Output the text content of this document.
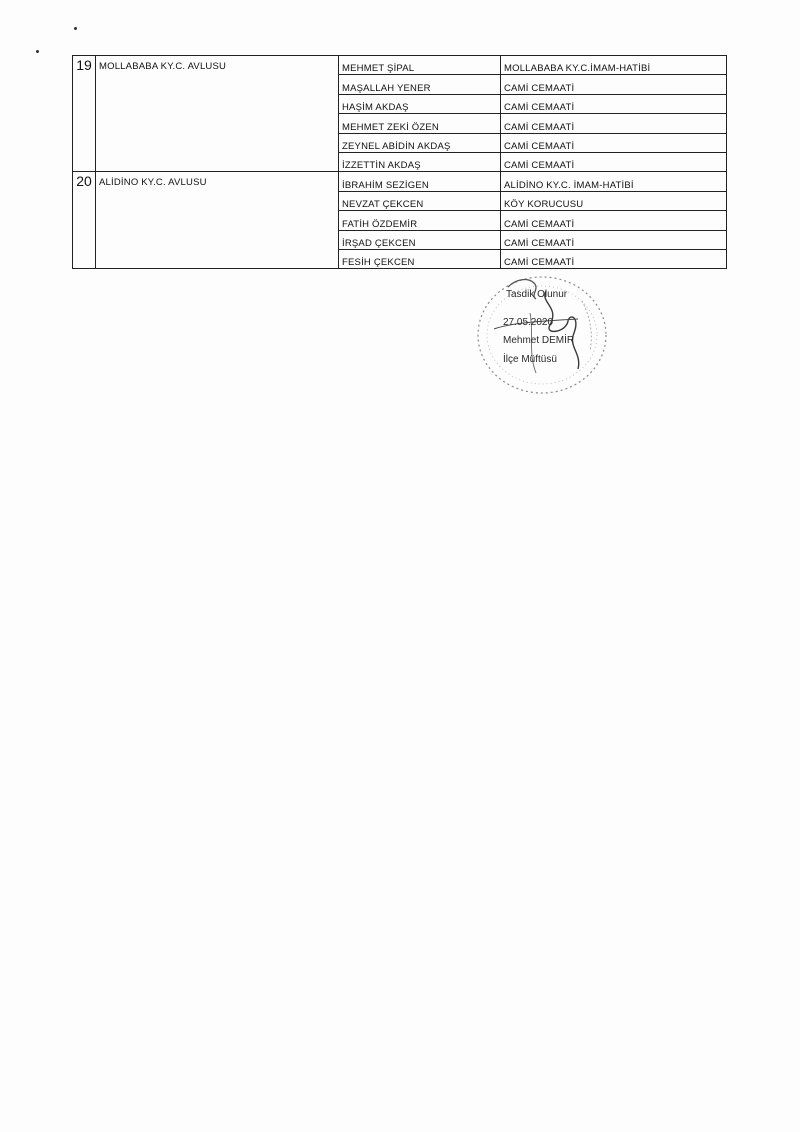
19	MOLLABABA KY.C. AVLUSU	MEHMET ŞİPAL	MOLLABABA KY.C.İMAM-HATİBİ
		MAŞALLAH YENER	CAMİ CEMAATİ
		HAŞİM AKDAŞ	CAMİ CEMAATİ
		MEHMET ZEKİ ÖZEN	CAMİ CEMAATİ
		ZEYNEL ABİDİN AKDAŞ	CAMİ CEMAATİ
		İZZETTİN AKDAŞ	CAMİ CEMAATİ
20	ALİDİNO KY.C. AVLUSU	İBRAHİM SEZİGEN	ALİDİNO KY.C. İMAM-HATİBİ
		NEVZAT ÇEKCEN	KÖY KORUCUSU
		FATİH ÖZDEMİR	CAMİ CEMAATİ
		İRŞAD ÇEKCEN	CAMİ CEMAATİ
		FESİH ÇEKCEN	CAMİ CEMAATİ
Tasdik Olunur
27.05.2020
Mehmet DEMİR
İlçe Müftüsü
